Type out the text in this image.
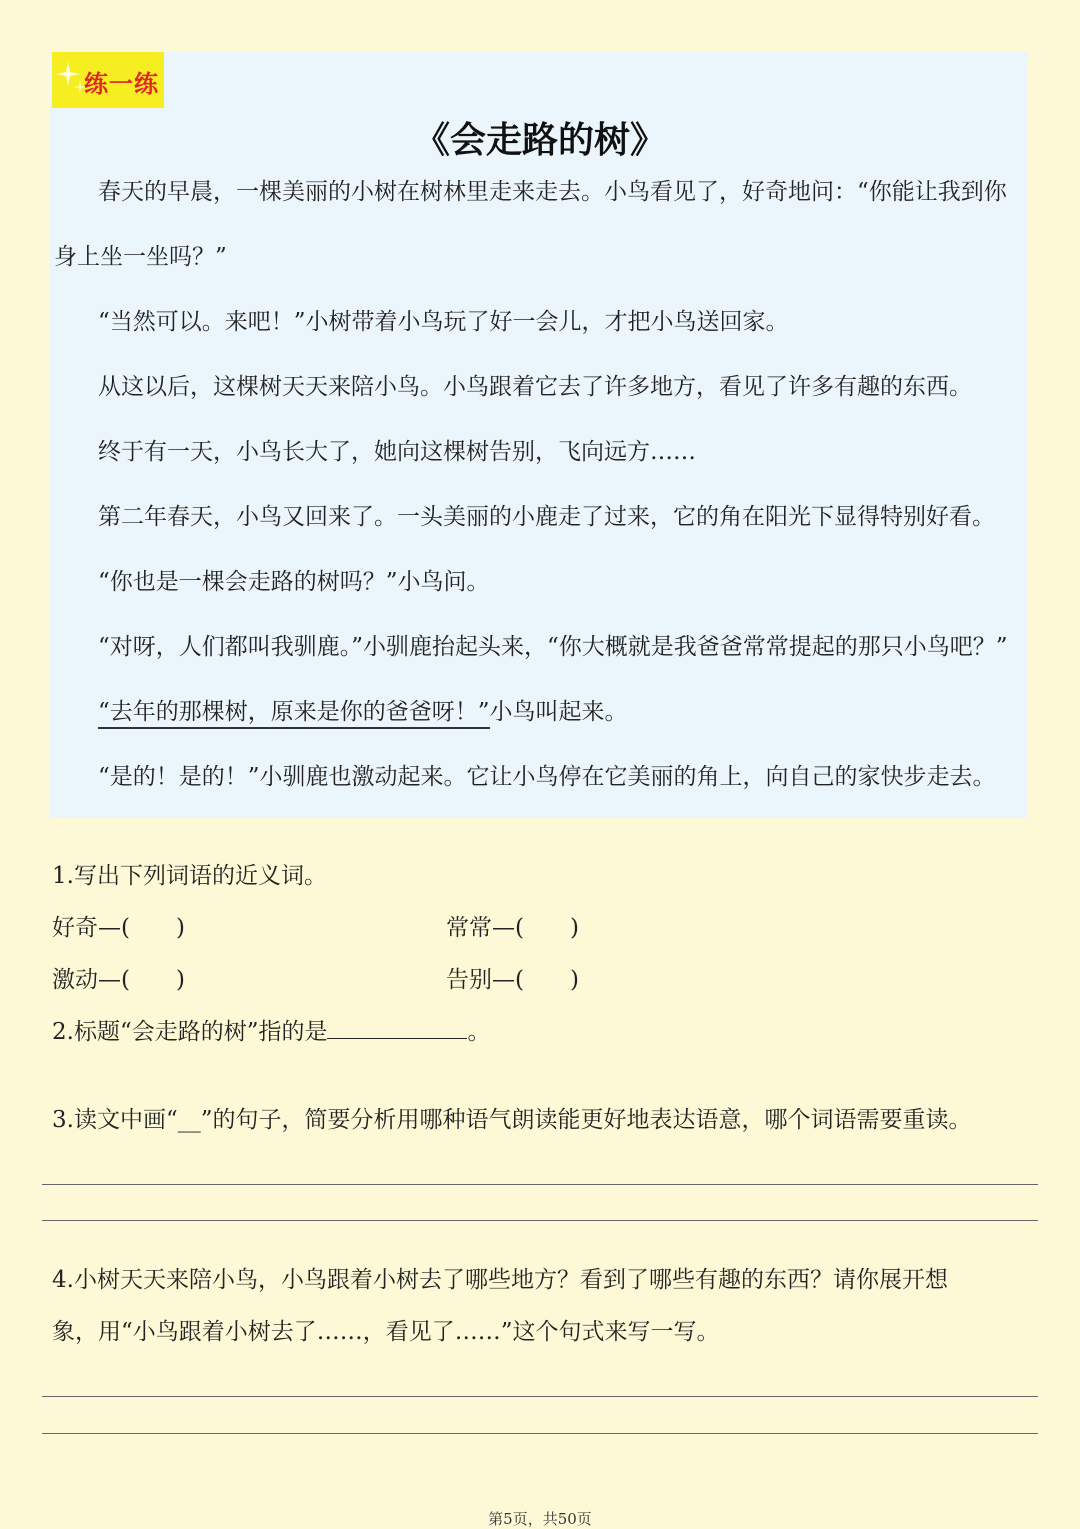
练一练
《会走路的树》
春天的早晨，一棵美丽的小树在树林里走来走去。小鸟看见了，好奇地问：“你能让我到你
身上坐一坐吗？”
“当然可以。来吧！”小树带着小鸟玩了好一会儿，才把小鸟送回家。
从这以后，这棵树天天来陪小鸟。小鸟跟着它去了许多地方，看见了许多有趣的东西。
终于有一天，小鸟长大了，她向这棵树告别，飞向远方……
第二年春天，小鸟又回来了。一头美丽的小鹿走了过来，它的角在阳光下显得特别好看。
“你也是一棵会走路的树吗？”小鸟问。
“对呀，人们都叫我驯鹿。”小驯鹿抬起头来，“你大概就是我爸爸常常提起的那只小鸟吧？”
“去年的那棵树，原来是你的爸爸呀！”小鸟叫起来。
“是的！是的！”小驯鹿也激动起来。它让小鸟停在它美丽的角上，向自己的家快步走去。
1.写出下列词语的近义词。
好奇—( )	常常—( )
激动—( )	告别—( )
2.标题“会走路的树”指的是	。
3.读文中画“__”的句子，简要分析用哪种语气朗读能更好地表达语意，哪个词语需要重读。
4.小树天天来陪小鸟，小鸟跟着小树去了哪些地方？看到了哪些有趣的东西？请你展开想
象，用“小鸟跟着小树去了……，看见了……”这个句式来写一写。
第5页，共50页
